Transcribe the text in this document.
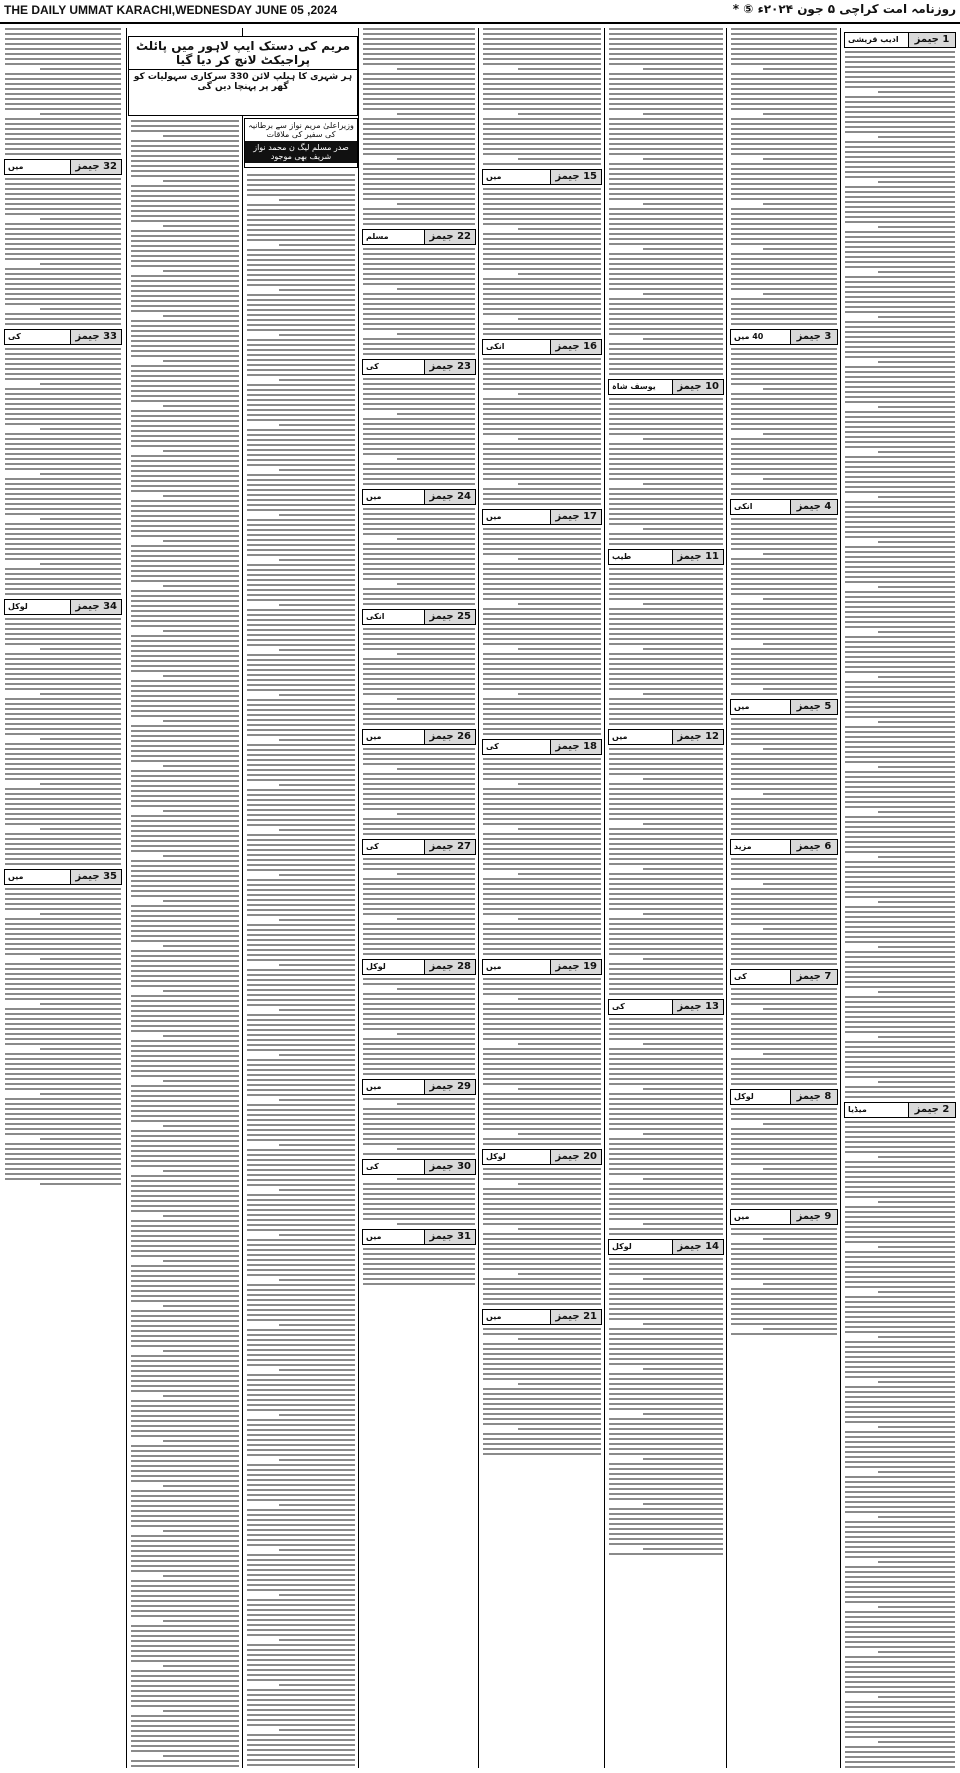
THE DAILY UMMAT KARACHI,WEDNESDAY JUNE 05 ,2024	روزنامہ امت کراچی ۵ جون ۲۰۲۴ء ⑤ *
1 جیمز
ادیب قریشی
2 جیمز
میڈیا
3 جیمز
40 میں
4 جیمز
انکی
5 جیمز
میں
6 جیمز
مزید
7 جیمز
کی
8 جیمز
لوکل
9 جیمز
میں
10 جیمز
یوسف شاہ
11 جیمز
طیب
12 جیمز
میں
13 جیمز
کی
14 جیمز
لوکل
15 جیمز
میں
16 جیمز
انکی
17 جیمز
میں
18 جیمز
کی
19 جیمز
میں
20 جیمز
لوکل
21 جیمز
میں
22 جیمز
مسلم
23 جیمز
کی
24 جیمز
میں
25 جیمز
انکی
26 جیمز
میں
27 جیمز
کی
28 جیمز
لوکل
29 جیمز
میں
30 جیمز
کی
31 جیمز
میں
32 جیمز
میں
33 جیمز
کی
34 جیمز
لوکل
35 جیمز
میں
مریم کی دستک ایپ لاہور میں پائلٹ پراجیکٹ لانچ کر دیا گیا
ہر شہری کا ہیلپ لائن 330 سرکاری سہولیات کو گھر پر پہنچا دیں گی
وزیراعلیٰ مریم نواز سے برطانیہ کی سفیر کی ملاقات
صدر مسلم لیگ ن محمد نواز شریف بھی موجود
